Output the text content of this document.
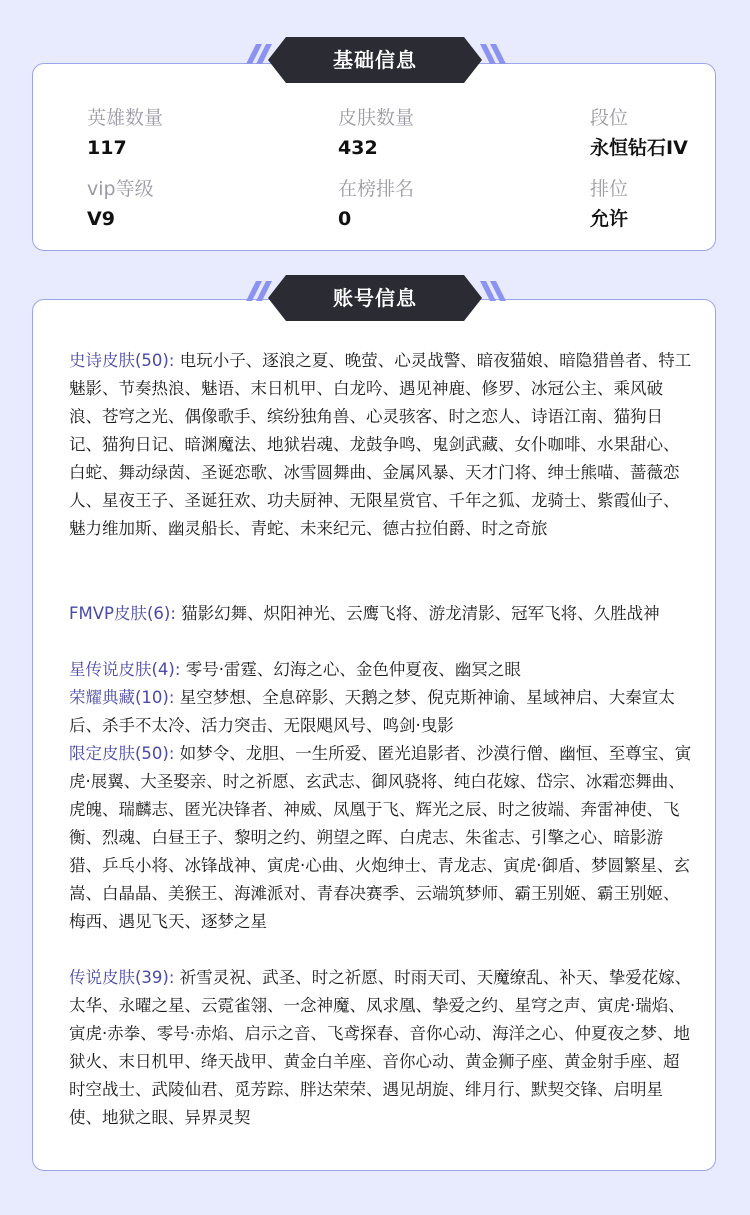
英雄数量
117
皮肤数量
432
段位
永恒钻石IV
vip等级
V9
在榜排名
0
排位
允许
基础信息
账号信息
史诗皮肤(50): 电玩小子、逐浪之夏、晚萤、心灵战警、暗夜猫娘、暗隐猎兽者、特工魅影、节奏热浪、魅语、末日机甲、白龙吟、遇见神鹿、修罗、冰冠公主、乘风破浪、苍穹之光、偶像歌手、缤纷独角兽、心灵骇客、时之恋人、诗语江南、猫狗日记、猫狗日记、暗渊魔法、地狱岩魂、龙鼓争鸣、鬼剑武藏、女仆咖啡、水果甜心、白蛇、舞动绿茵、圣诞恋歌、冰雪圆舞曲、金属风暴、天才门将、绅士熊喵、蔷薇恋人、星夜王子、圣诞狂欢、功夫厨神、无限星赏官、千年之狐、龙骑士、紫霞仙子、魅力维加斯、幽灵船长、青蛇、未来纪元、德古拉伯爵、时之奇旅
FMVP皮肤(6): 猫影幻舞、炽阳神光、云鹰飞将、游龙清影、冠军飞将、久胜战神
星传说皮肤(4): 零号·雷霆、幻海之心、金色仲夏夜、幽冥之眼
荣耀典藏(10): 星空梦想、全息碎影、天鹅之梦、倪克斯神谕、星域神启、大秦宣太后、杀手不太冷、活力突击、无限飓风号、鸣剑·曳影
限定皮肤(50): 如梦令、龙胆、一生所爱、匿光追影者、沙漠行僧、幽恒、至尊宝、寅虎·展翼、大圣娶亲、时之祈愿、玄武志、御风骁将、纯白花嫁、岱宗、冰霜恋舞曲、虎魄、瑞麟志、匿光决锋者、神威、凤凰于飞、辉光之辰、时之彼端、奔雷神使、飞衡、烈魂、白昼王子、黎明之约、朔望之晖、白虎志、朱雀志、引擎之心、暗影游猎、乒乓小将、冰锋战神、寅虎·心曲、火炮绅士、青龙志、寅虎·御盾、梦圆繁星、玄嵩、白晶晶、美猴王、海滩派对、青春决赛季、云端筑梦师、霸王别姬、霸王别姬、梅西、遇见飞天、逐梦之星
传说皮肤(39): 祈雪灵祝、武圣、时之祈愿、时雨天司、天魔缭乱、补天、挚爱花嫁、太华、永曜之星、云霓雀翎、一念神魔、凤求凰、挚爱之约、星穹之声、寅虎·瑞焰、寅虎·赤拳、零号·赤焰、启示之音、飞鸢探春、音你心动、海洋之心、仲夏夜之梦、地狱火、末日机甲、绛天战甲、黄金白羊座、音你心动、黄金狮子座、黄金射手座、超时空战士、武陵仙君、觅芳踪、胖达荣荣、遇见胡旋、绯月行、默契交锋、启明星使、地狱之眼、异界灵契
